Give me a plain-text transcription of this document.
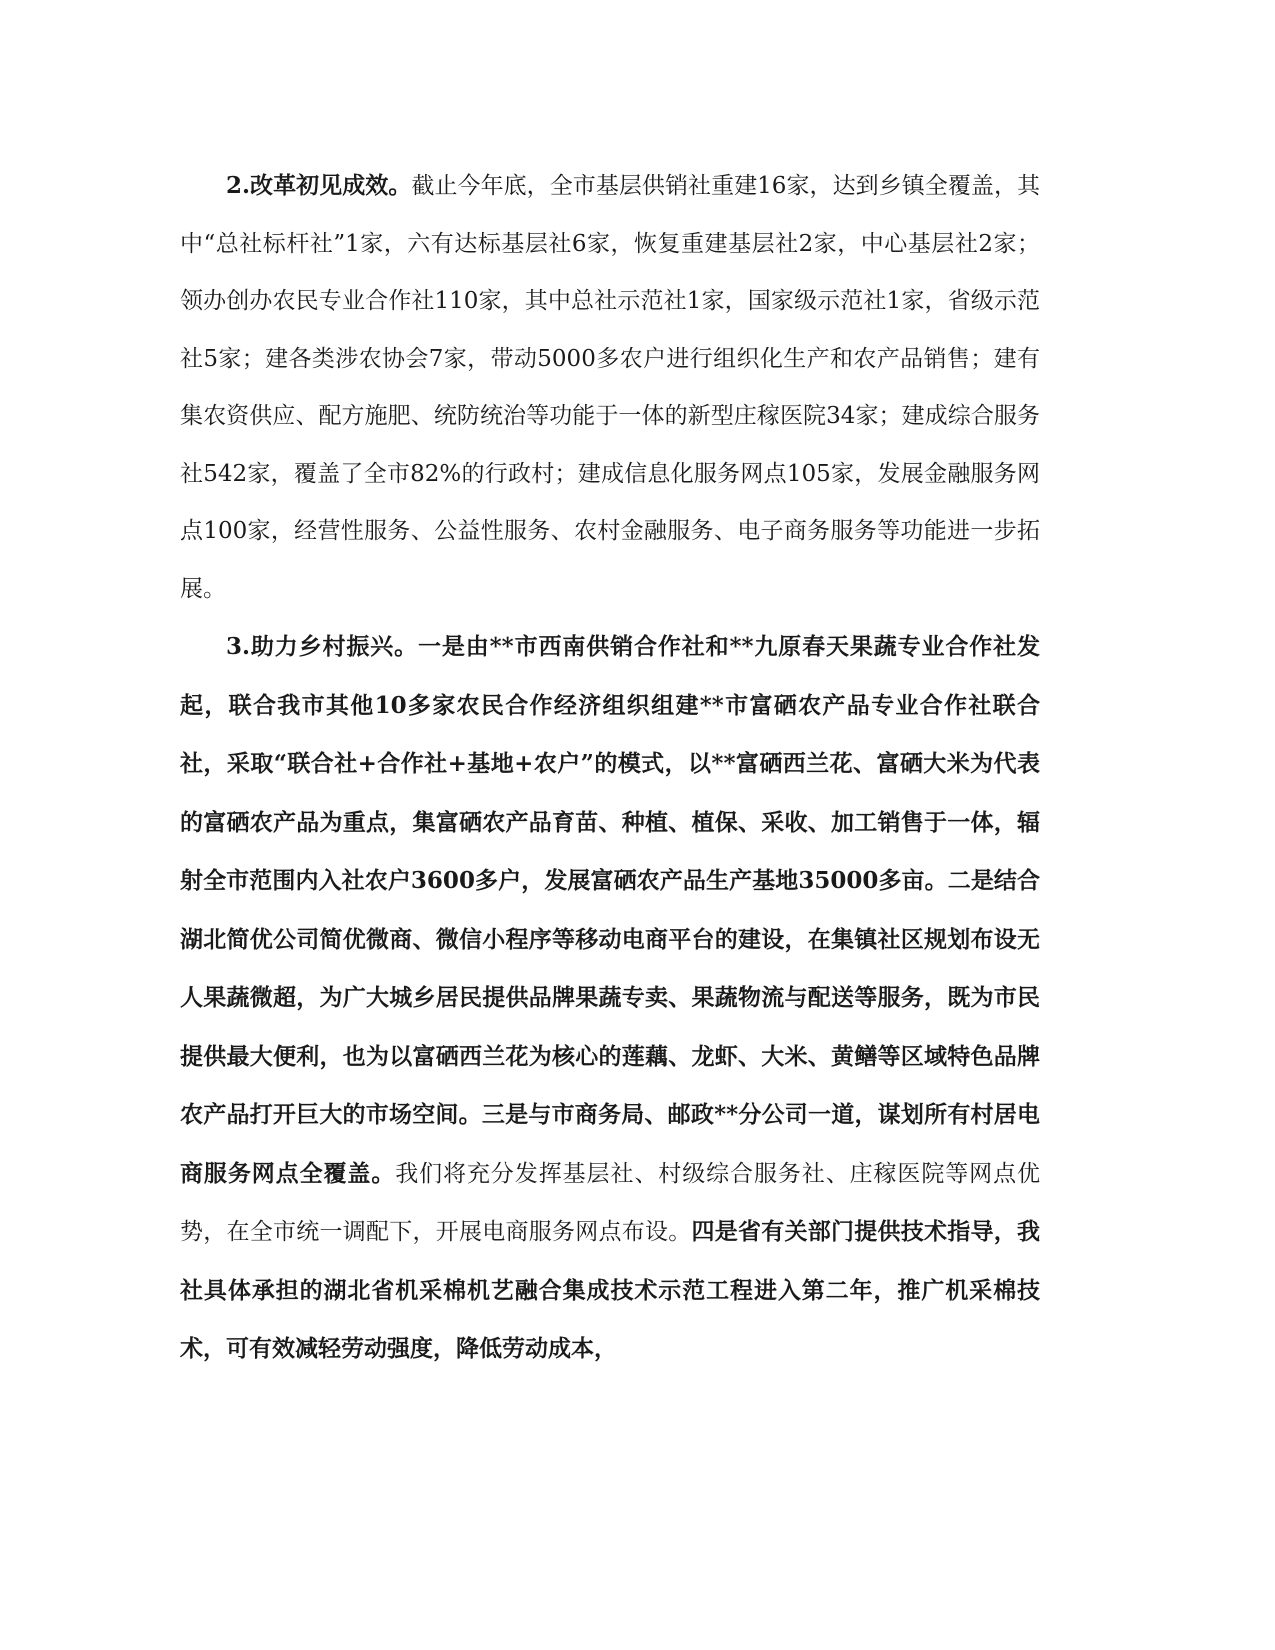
2.改革初见成效。截止今年底，全市基层供销社重建16家，达到乡镇全覆盖，其中“总社标杆社”1家，六有达标基层社6家，恢复重建基层社2家，中心基层社2家；领办创办农民专业合作社110家，其中总社示范社1家，国家级示范社1家，省级示范社5家；建各类涉农协会7家，带动5000多农户进行组织化生产和农产品销售；建有集农资供应、配方施肥、统防统治等功能于一体的新型庄稼医院34家；建成综合服务社542家，覆盖了全市82%的行政村；建成信息化服务网点105家，发展金融服务网点100家，经营性服务、公益性服务、农村金融服务、电子商务服务等功能进一步拓展。

3.助力乡村振兴。一是由**市西南供销合作社和**九原春天果蔬专业合作社发起，联合我市其他10多家农民合作经济组织组建**市富硒农产品专业合作社联合社，采取“联合社+合作社+基地+农户”的模式，以**富硒西兰花、富硒大米为代表的富硒农产品为重点，集富硒农产品育苗、种植、植保、采收、加工销售于一体，辐射全市范围内入社农户3600多户，发展富硒农产品生产基地35000多亩。二是结合湖北简优公司简优微商、微信小程序等移动电商平台的建设，在集镇社区规划布设无人果蔬微超，为广大城乡居民提供品牌果蔬专卖、果蔬物流与配送等服务，既为市民提供最大便利，也为以富硒西兰花为核心的莲藕、龙虾、大米、黄鳝等区域特色品牌农产品打开巨大的市场空间。三是与市商务局、邮政**分公司一道，谋划所有村居电商服务网点全覆盖。我们将充分发挥基层社、村级综合服务社、庄稼医院等网点优势，在全市统一调配下，开展电商服务网点布设。四是省有关部门提供技术指导，我社具体承担的湖北省机采棉机艺融合集成技术示范工程进入第二年，推广机采棉技术，可有效减轻劳动强度，降低劳动成本，
